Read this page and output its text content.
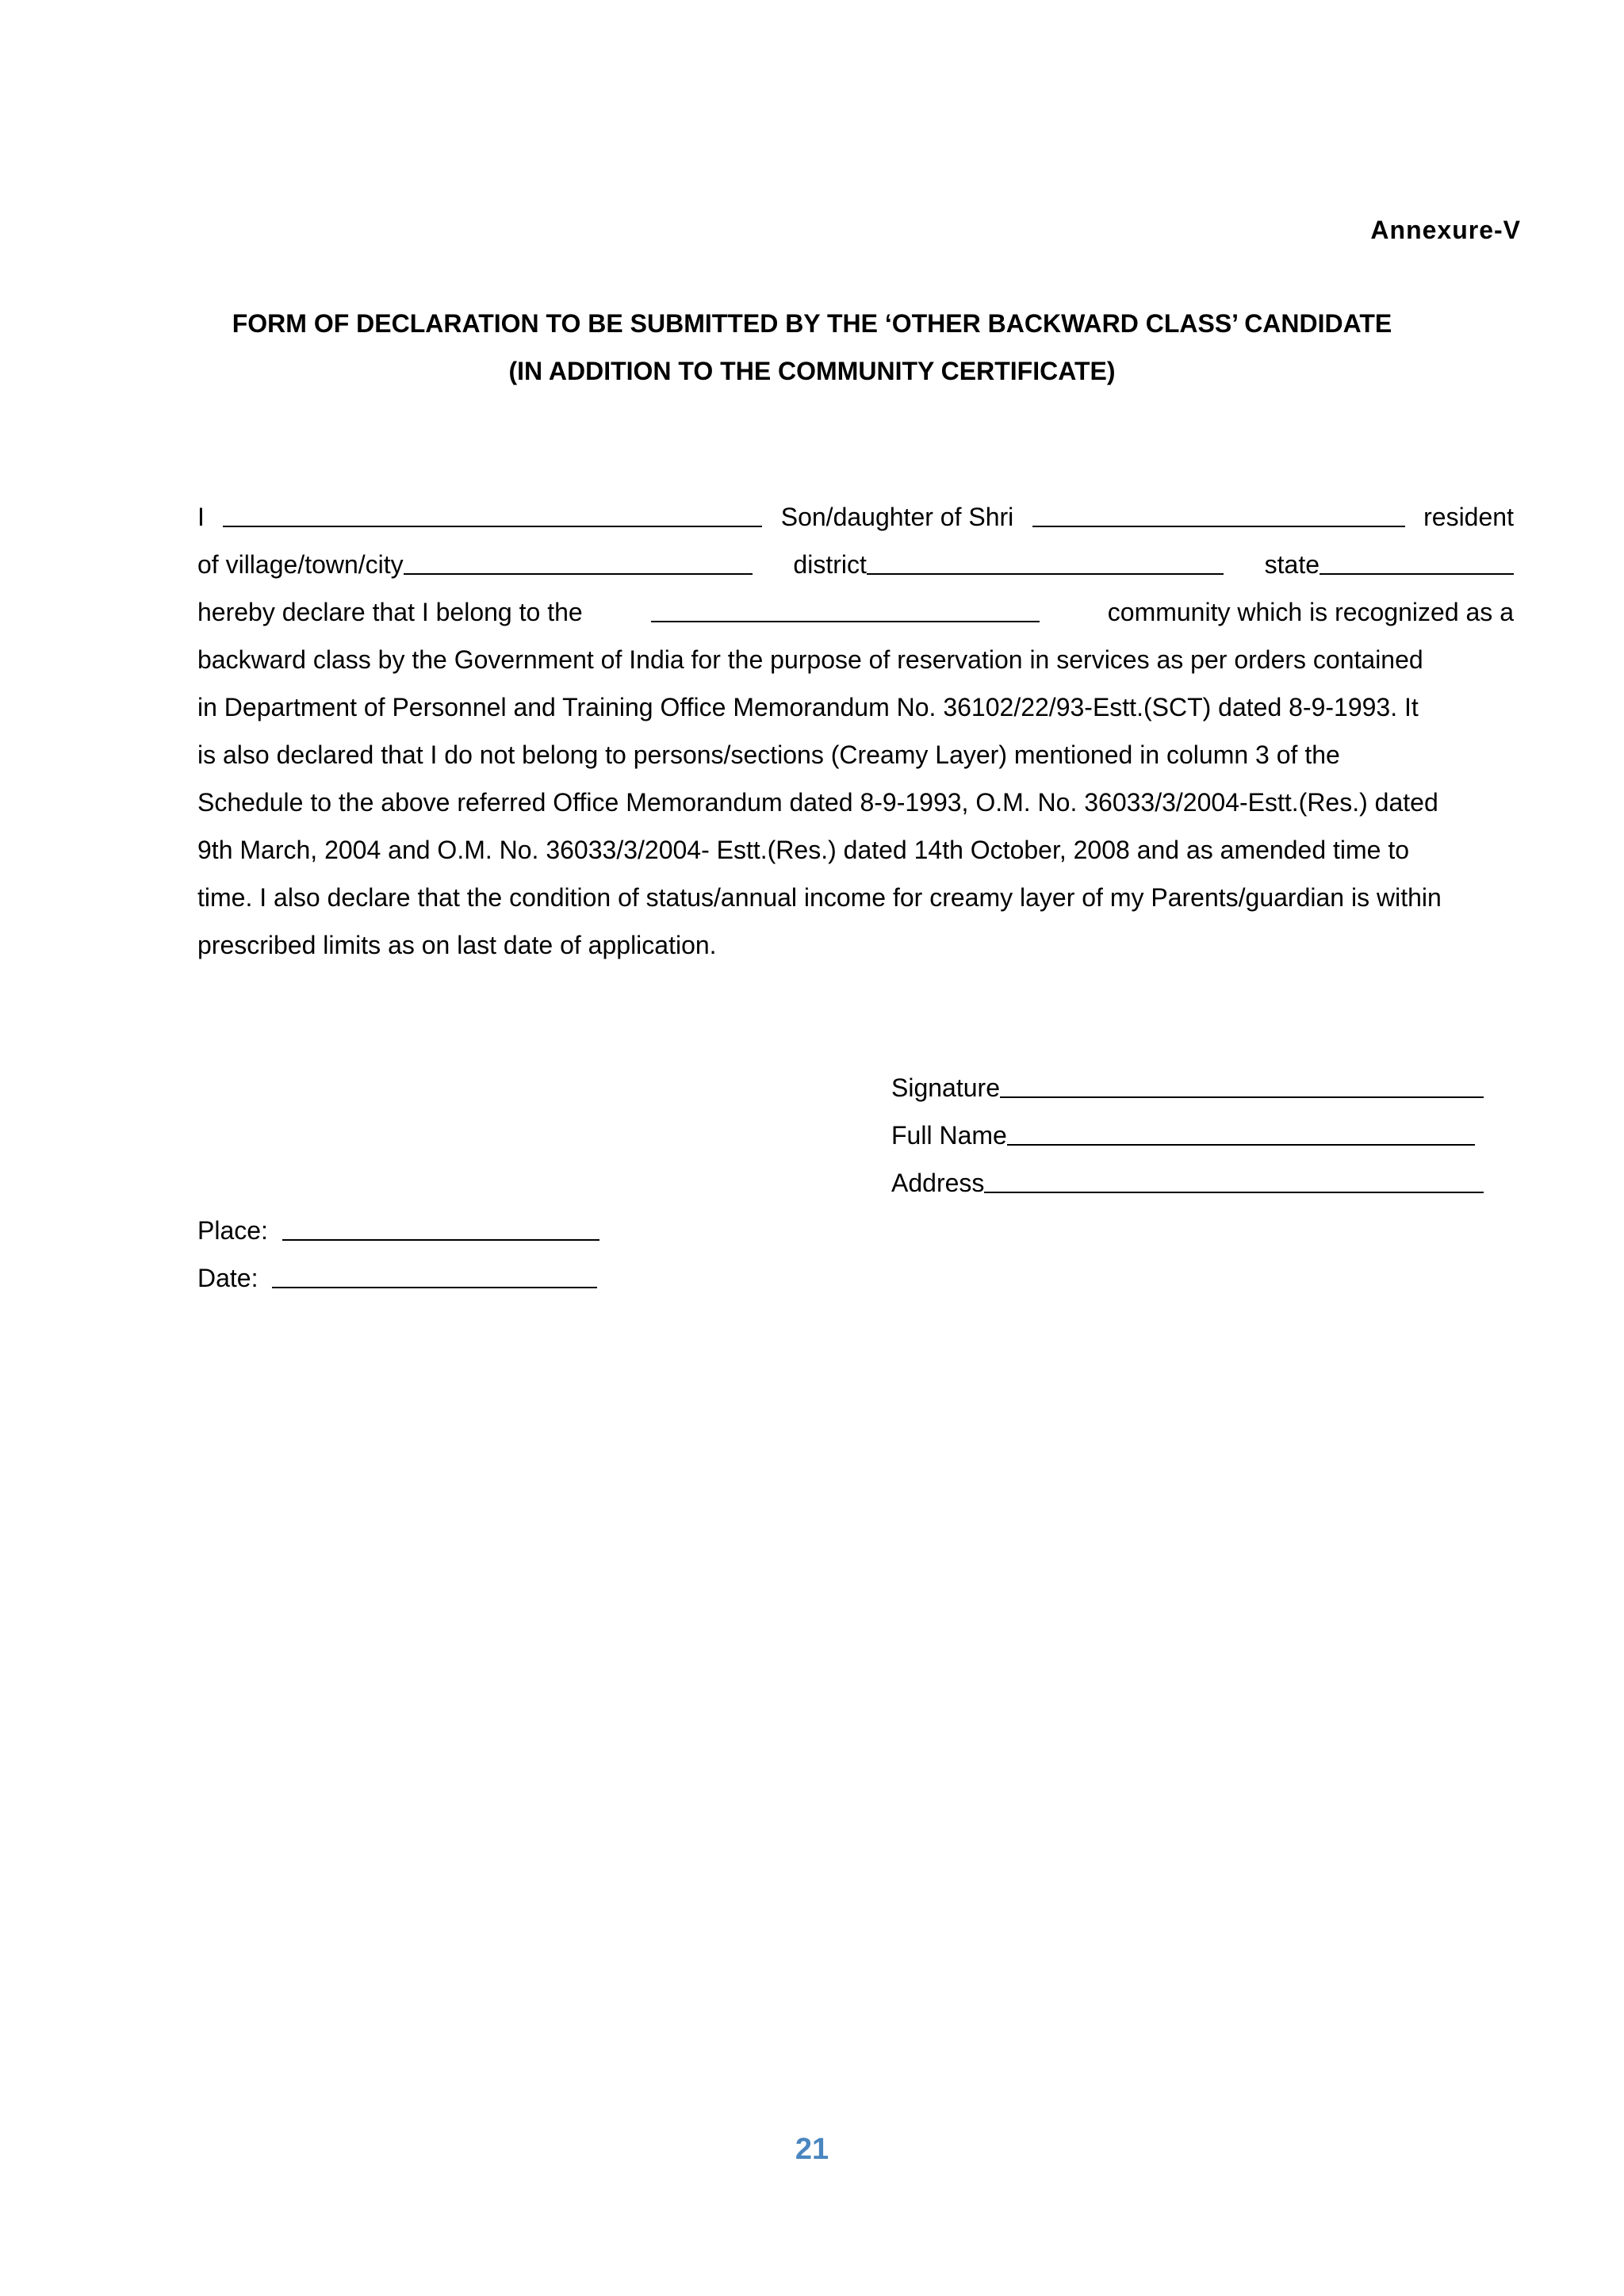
Annexure-V
FORM OF DECLARATION TO BE SUBMITTED BY THE ‘OTHER BACKWARD CLASS’ CANDIDATE
(IN ADDITION TO THE COMMUNITY CERTIFICATE)
I	Son/daughter of Shri	resident
of village/town/city	district	state
hereby declare that I belong to the	community which is recognized as a
backward class by the Government of India for the purpose of reservation in services as per orders contained
in Department of Personnel and Training Office Memorandum No. 36102/22/93-Estt.(SCT) dated 8-9-1993. It
is also declared that I do not belong to persons/sections (Creamy Layer) mentioned in column 3 of the
Schedule to the above referred Office Memorandum dated 8-9-1993, O.M. No. 36033/3/2004-Estt.(Res.) dated
9th March, 2004 and O.M. No. 36033/3/2004- Estt.(Res.) dated 14th October, 2008 and as amended time to
time. I also declare that the condition of status/annual income for creamy layer of my Parents/guardian is within
prescribed limits as on last date of application.
Signature
Full Name
Address
Place:
Date:
21
